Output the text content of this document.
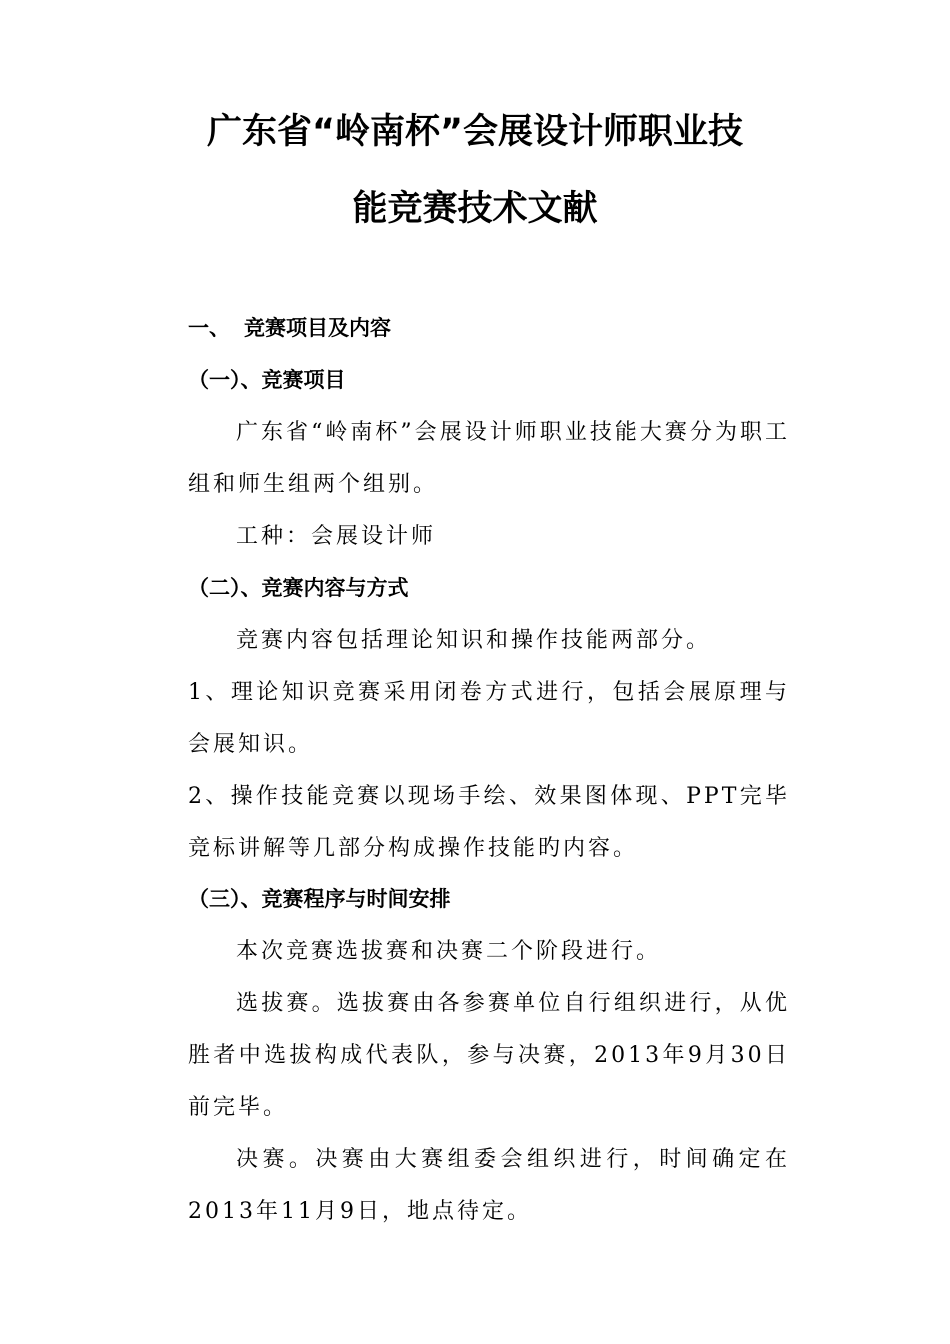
广东省“岭南杯”会展设计师职业技
能竞赛技术文献
一、 竞赛项目及内容
（一）、竞赛项目
广东省“岭南杯”会展设计师职业技能大赛分为职工组和师生组两个组别。
工种：会展设计师
（二）、竞赛内容与方式
竞赛内容包括理论知识和操作技能两部分。
1、理论知识竞赛采用闭卷方式进行，包括会展原理与会展知识。
2、操作技能竞赛以现场手绘、效果图体现、PPT完毕竞标讲解等几部分构成操作技能旳内容。
（三）、竞赛程序与时间安排
本次竞赛选拔赛和决赛二个阶段进行。
选拔赛。选拔赛由各参赛单位自行组织进行，从优胜者中选拔构成代表队，参与决赛，2013年9月30日前完毕。
决赛。决赛由大赛组委会组织进行，时间确定在2013年11月9日，地点待定。
